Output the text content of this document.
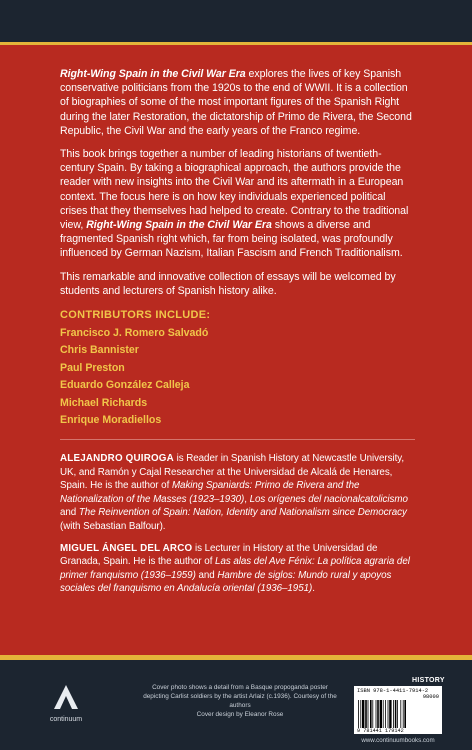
Right-Wing Spain in the Civil War Era explores the lives of key Spanish conservative politicians from the 1920s to the end of WWII. It is a collection of biographies of some of the most important figures of the Spanish Right during the later Restoration, the dictatorship of Primo de Rivera, the Second Republic, the Civil War and the early years of the Franco regime.

This book brings together a number of leading historians of twentieth-century Spain. By taking a biographical approach, the authors provide the reader with new insights into the Civil War and its aftermath in a European context. The focus here is on how key individuals experienced political crises that they themselves had helped to create. Contrary to the traditional view, Right-Wing Spain in the Civil War Era shows a diverse and fragmented Spanish right which, far from being isolated, was profoundly influenced by German Nazism, Italian Fascism and French Traditionalism.

This remarkable and innovative collection of essays will be welcomed by students and lecturers of Spanish history alike.

CONTRIBUTORS INCLUDE:
Francisco J. Romero Salvadó
Chris Bannister
Paul Preston
Eduardo González Calleja
Michael Richards
Enrique Moradiellos

ALEJANDRO QUIROGA is Reader in Spanish History at Newcastle University, UK, and Ramón y Cajal Researcher at the Universidad de Alcalá de Henares, Spain. He is the author of Making Spaniards: Primo de Rivera and the Nationalization of the Masses (1923–1930), Los orígenes del nacionalcatolicismo and The Reinvention of Spain: Nation, Identity and Nationalism since Democracy (with Sebastian Balfour).

MIGUEL ÁNGEL DEL ARCO is Lecturer in History at the Universidad de Granada, Spain. He is the author of Las alas del Ave Fénix: La política agraria del primer franquismo (1936–1959) and Hambre de siglos: Mundo rural y apoyos sociales del franquismo en Andalucía oriental (1936–1951).

continuum
Cover photo shows a detail from a Basque propoganda poster
depicting Carlist soldiers by the artist Arlaiz (c.1936). Courtesy of the authors
Cover design by Eleanor Rose
HISTORY
ISBN 978-1-4411-7914-2
98000
9 781441 179142
www.continuumbooks.com
